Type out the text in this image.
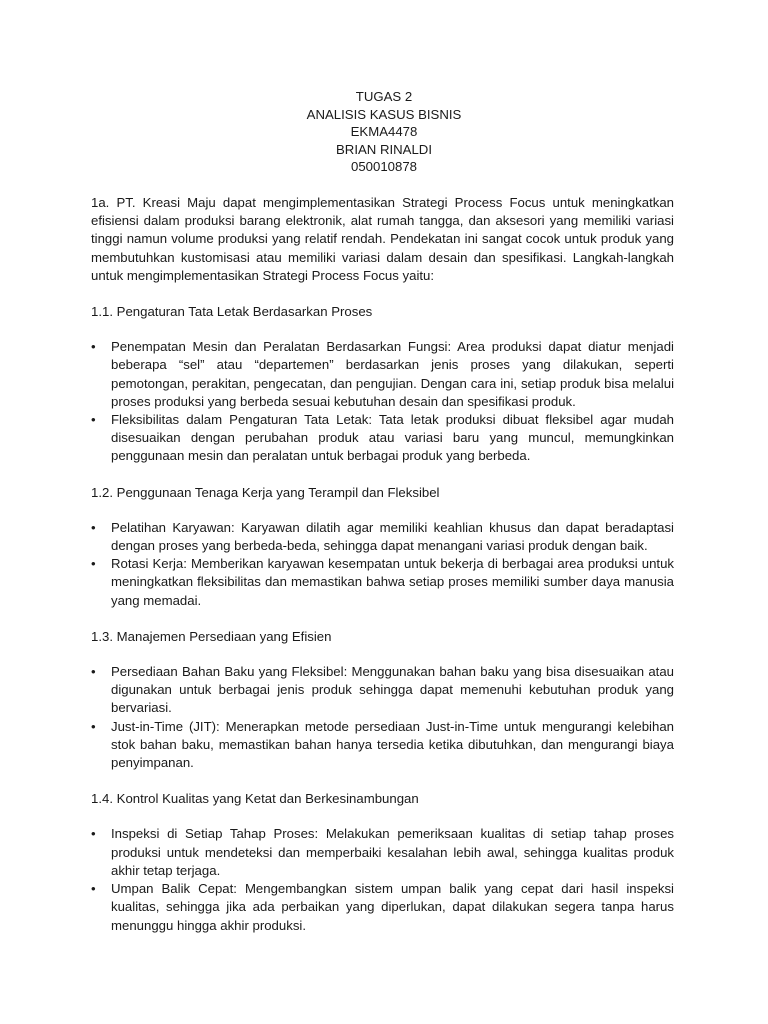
TUGAS 2
ANALISIS KASUS BISNIS
EKMA4478
BRIAN RINALDI
050010878

1a. PT. Kreasi Maju dapat mengimplementasikan Strategi Process Focus untuk meningkatkan efisiensi dalam produksi barang elektronik, alat rumah tangga, dan aksesori yang memiliki variasi tinggi namun volume produksi yang relatif rendah. Pendekatan ini sangat cocok untuk produk yang membutuhkan kustomisasi atau memiliki variasi dalam desain dan spesifikasi. Langkah-langkah untuk mengimplementasikan Strategi Process Focus yaitu:

1.1. Pengaturan Tata Letak Berdasarkan Proses

•	Penempatan Mesin dan Peralatan Berdasarkan Fungsi: Area produksi dapat diatur menjadi beberapa “sel” atau “departemen” berdasarkan jenis proses yang dilakukan, seperti pemotongan, perakitan, pengecatan, dan pengujian. Dengan cara ini, setiap produk bisa melalui proses produksi yang berbeda sesuai kebutuhan desain dan spesifikasi produk.
•	Fleksibilitas dalam Pengaturan Tata Letak: Tata letak produksi dibuat fleksibel agar mudah disesuaikan dengan perubahan produk atau variasi baru yang muncul, memungkinkan penggunaan mesin dan peralatan untuk berbagai produk yang berbeda.

1.2. Penggunaan Tenaga Kerja yang Terampil dan Fleksibel

•	Pelatihan Karyawan: Karyawan dilatih agar memiliki keahlian khusus dan dapat beradaptasi dengan proses yang berbeda-beda, sehingga dapat menangani variasi produk dengan baik.
•	Rotasi Kerja: Memberikan karyawan kesempatan untuk bekerja di berbagai area produksi untuk meningkatkan fleksibilitas dan memastikan bahwa setiap proses memiliki sumber daya manusia yang memadai.

1.3. Manajemen Persediaan yang Efisien

•	Persediaan Bahan Baku yang Fleksibel: Menggunakan bahan baku yang bisa disesuaikan atau digunakan untuk berbagai jenis produk sehingga dapat memenuhi kebutuhan produk yang bervariasi.
•	Just-in-Time (JIT): Menerapkan metode persediaan Just-in-Time untuk mengurangi kelebihan stok bahan baku, memastikan bahan hanya tersedia ketika dibutuhkan, dan mengurangi biaya penyimpanan.

1.4. Kontrol Kualitas yang Ketat dan Berkesinambungan

•	Inspeksi di Setiap Tahap Proses: Melakukan pemeriksaan kualitas di setiap tahap proses produksi untuk mendeteksi dan memperbaiki kesalahan lebih awal, sehingga kualitas produk akhir tetap terjaga.
•	Umpan Balik Cepat: Mengembangkan sistem umpan balik yang cepat dari hasil inspeksi kualitas, sehingga jika ada perbaikan yang diperlukan, dapat dilakukan segera tanpa harus menunggu hingga akhir produksi.
